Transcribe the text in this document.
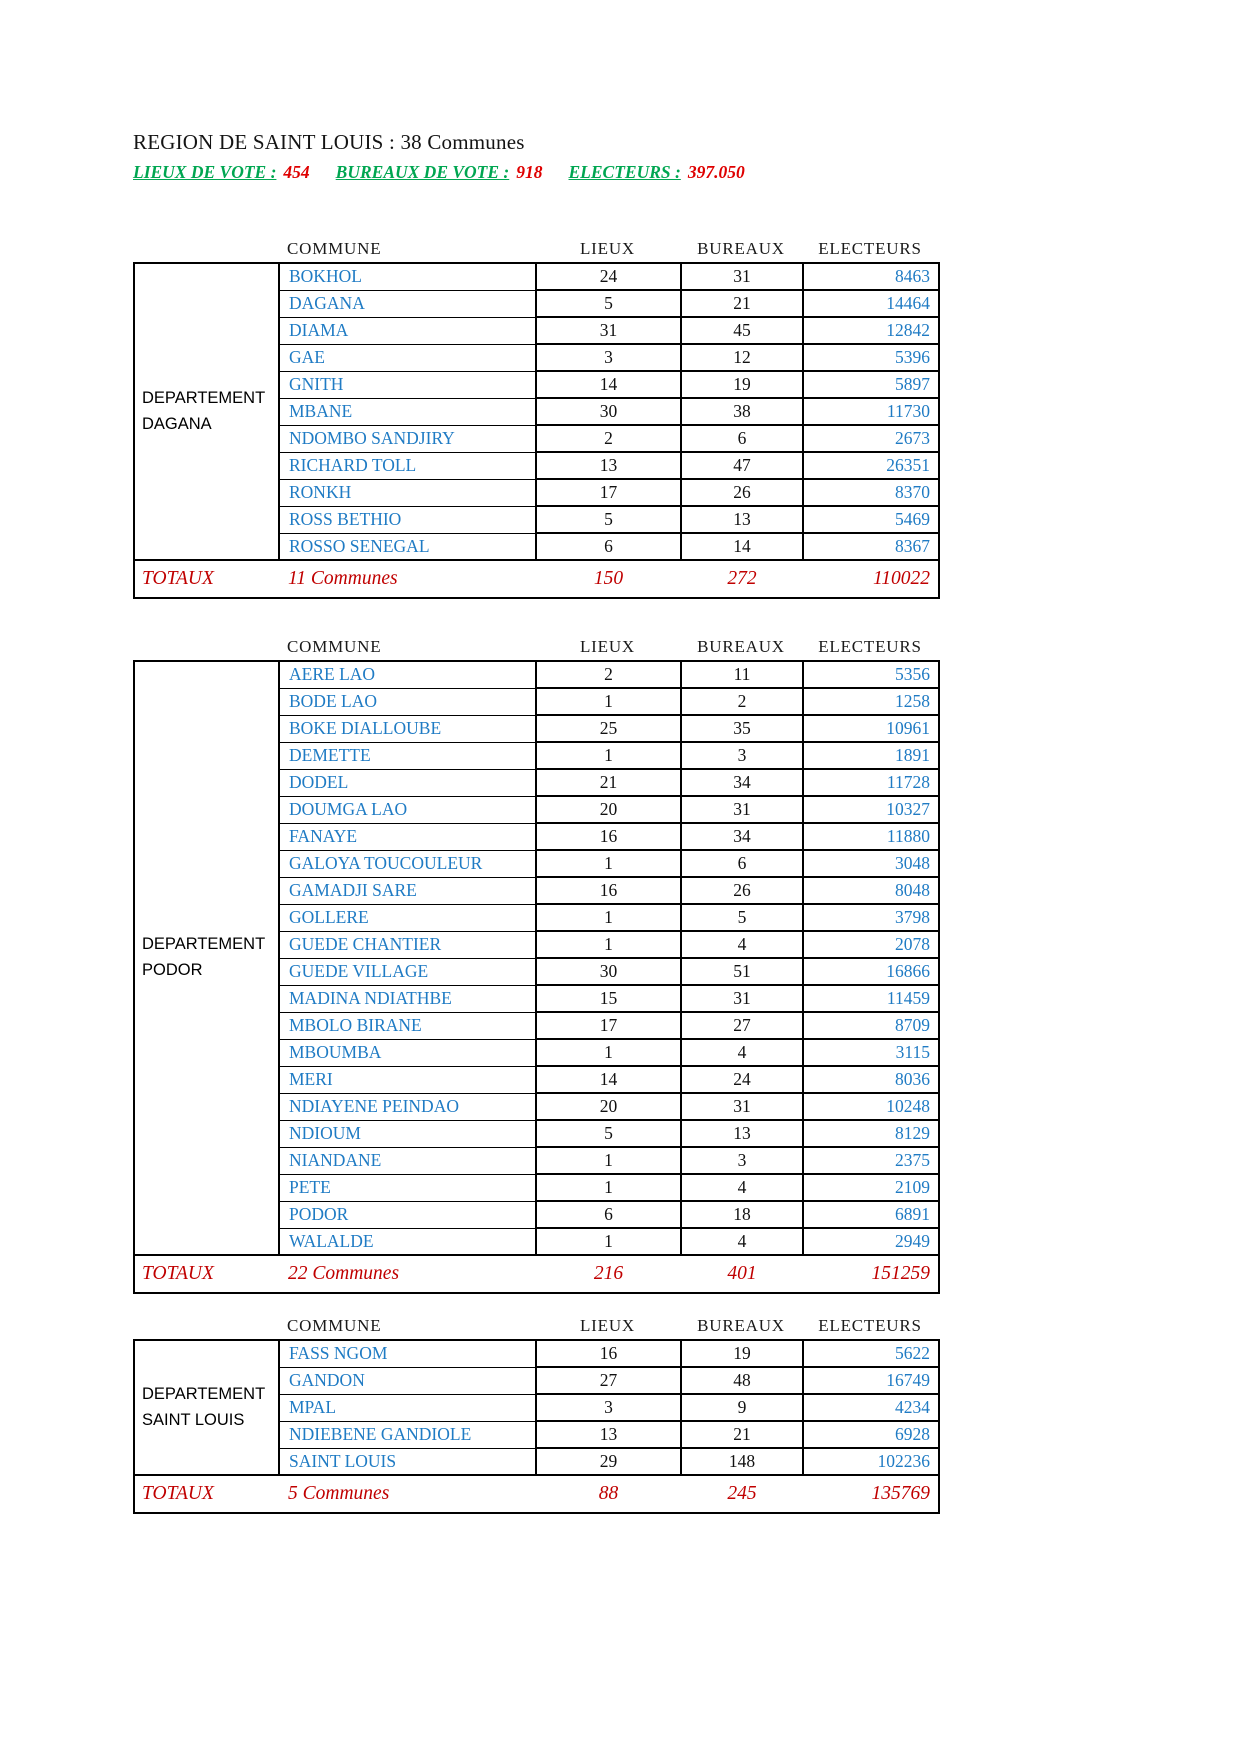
REGION DE SAINT LOUIS : 38 Communes
LIEUX DE VOTE : 454 BUREAUX DE VOTE : 918 ELECTEURS : 397.050
COMMUNE	LIEUX	BUREAUX	ELECTEURS
DEPARTEMENT DAGANA	BOKHOL	24	31	8463
	DAGANA	5	21	14464
	DIAMA	31	45	12842
	GAE	3	12	5396
	GNITH	14	19	5897
	MBANE	30	38	11730
	NDOMBO SANDJIRY	2	6	2673
	RICHARD TOLL	13	47	26351
	RONKH	17	26	8370
	ROSS BETHIO	5	13	5469
	ROSSO SENEGAL	6	14	8367
TOTAUX	11 Communes	150	272	110022
COMMUNE	LIEUX	BUREAUX	ELECTEURS
DEPARTEMENT PODOR	AERE LAO	2	11	5356
	BODE LAO	1	2	1258
	BOKE DIALLOUBE	25	35	10961
	DEMETTE	1	3	1891
	DODEL	21	34	11728
	DOUMGA LAO	20	31	10327
	FANAYE	16	34	11880
	GALOYA TOUCOULEUR	1	6	3048
	GAMADJI SARE	16	26	8048
	GOLLERE	1	5	3798
	GUEDE CHANTIER	1	4	2078
	GUEDE VILLAGE	30	51	16866
	MADINA NDIATHBE	15	31	11459
	MBOLO BIRANE	17	27	8709
	MBOUMBA	1	4	3115
	MERI	14	24	8036
	NDIAYENE PEINDAO	20	31	10248
	NDIOUM	5	13	8129
	NIANDANE	1	3	2375
	PETE	1	4	2109
	PODOR	6	18	6891
	WALALDE	1	4	2949
TOTAUX	22 Communes	216	401	151259
COMMUNE	LIEUX	BUREAUX	ELECTEURS
DEPARTEMENT SAINT LOUIS	FASS NGOM	16	19	5622
	GANDON	27	48	16749
	MPAL	3	9	4234
	NDIEBENE GANDIOLE	13	21	6928
	SAINT LOUIS	29	148	102236
TOTAUX	5 Communes	88	245	135769
